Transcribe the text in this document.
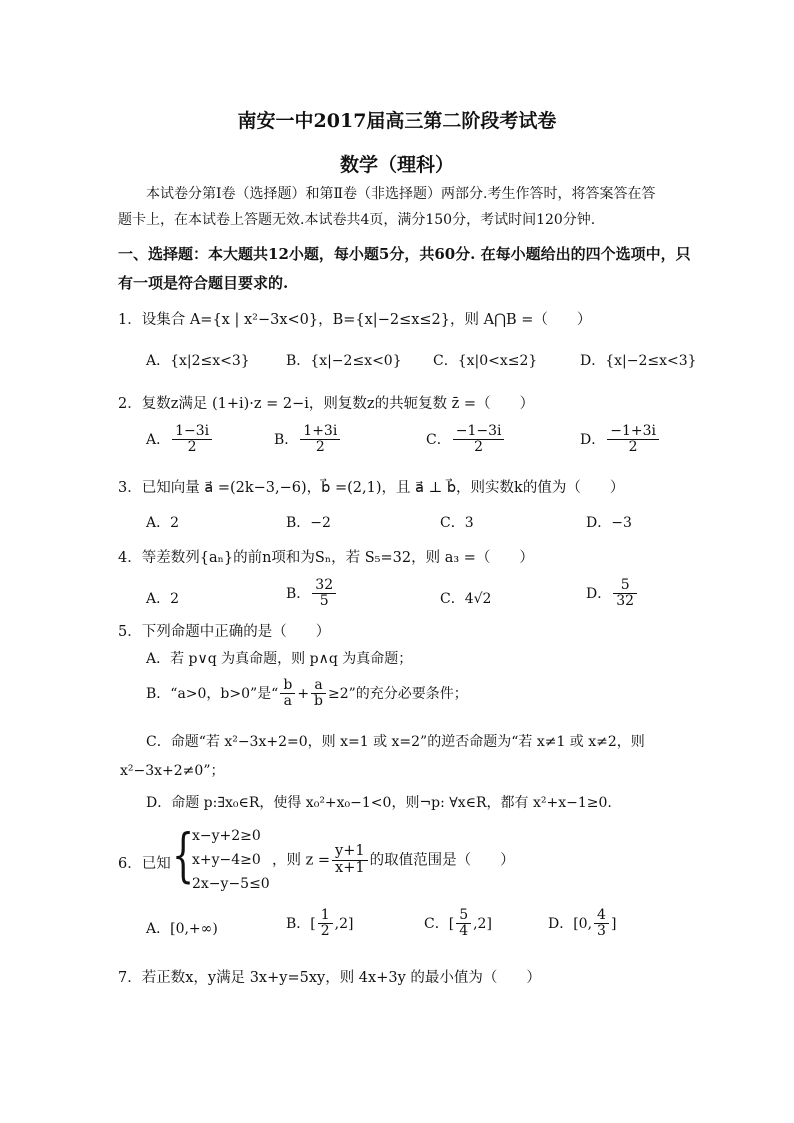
南安一中2017届高三第二阶段考试卷
数学（理科）
本试卷分第Ⅰ卷（选择题）和第Ⅱ卷（非选择题）两部分.考生作答时，将答案答在答
题卡上，在本试卷上答题无效.本试卷共4页，满分150分，考试时间120分钟.
一、选择题：本大题共12小题，每小题5分，共60分. 在每小题给出的四个选项中，只
有一项是符合题目要求的.
1．设集合 A={x | x²−3x<0}，B={x|−2≤x≤2}，则 A⋂B =（　　）
A．{x|2≤x<3}	B．{x|−2≤x<0} C．{x|0<x≤2}	D．{x|−2≤x<3}
2．复数z满足 (1+i)·z = 2−i，则复数z的共轭复数 z̄ =（　　）
A． $\frac{1-3i}{2}$	B． $\frac{1+3i}{2}$	C． $\frac{-1-3i}{2}$	D． $\frac{-1+3i}{2}$
3．已知向量 a⃗ =(2k−3,−6)，b⃗ =(2,1)，且 a⃗ ⊥ b⃗，则实数k的值为（　　）
A．2	B．−2	C．3	D．−3
4．等差数列{aₙ}的前n项和为Sₙ，若 S₅=32，则 a₃ =（　　）
A．2	B． $\frac{32}{5}$	C．4√2	D． $\frac{5}{32}$
5．下列命题中正确的是（　　）
A．若 p∨q 为真命题，则 p∧q 为真命题；
B．“a>0，b>0”是“ $\frac{b}{a} + \frac{a}{b} \ge 2$”的充分必要条件；
C．命题“若 x²−3x+2=0，则 x=1 或 x=2”的逆否命题为“若 x≠1 或 x≠2，则
x²−3x+2≠0”；
D．命题 p:∃x₀∈R，使得 x₀²+x₀−1<0，则¬p: ∀x∈R，都有 x²+x−1≥0.
6．已知 {
x−y+2≥0
x+y−4≥0
2x−y−5≤0
，则 $z = \frac{y+1}{x+1}$ 的取值范围是（　　）
A．[0,+∞)	B．[ $\frac{1}{2} ,2$]	C．[ $\frac{5}{4} ,2$]	D．[0, $\frac{4}{3}$ ]
7．若正数x，y满足 3x+y=5xy，则 4x+3y 的最小值为（　　）
